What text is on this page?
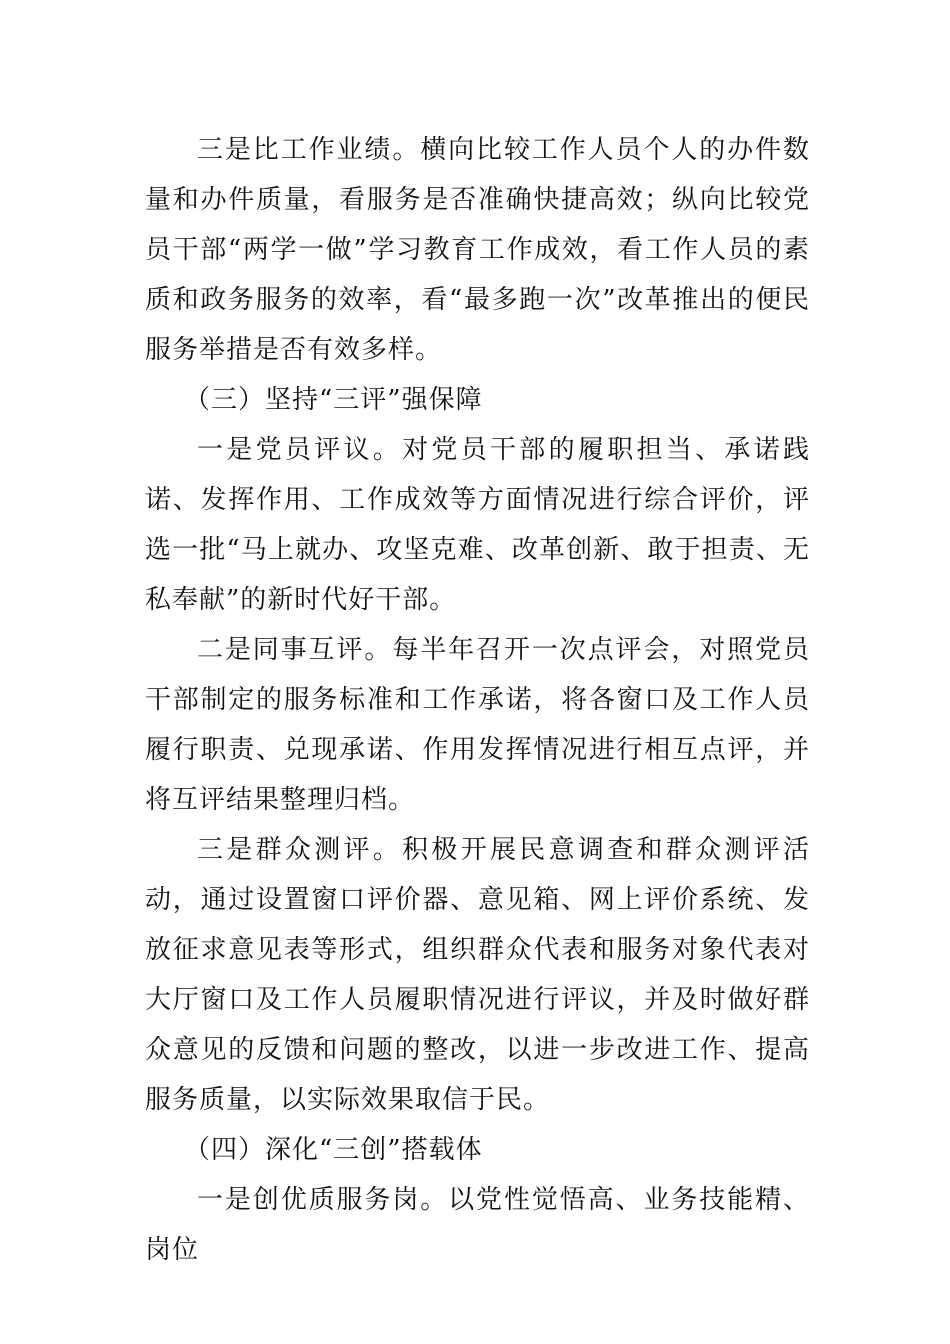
三是比工作业绩。横向比较工作人员个人的办件数量和办件质量，看服务是否准确快捷高效；纵向比较党员干部“两学一做”学习教育工作成效，看工作人员的素质和政务服务的效率，看“最多跑一次”改革推出的便民服务举措是否有效多样。

（三）坚持“三评”强保障

一是党员评议。对党员干部的履职担当、承诺践诺、发挥作用、工作成效等方面情况进行综合评价，评选一批“马上就办、攻坚克难、改革创新、敢于担责、无私奉献”的新时代好干部。

二是同事互评。每半年召开一次点评会，对照党员干部制定的服务标准和工作承诺，将各窗口及工作人员履行职责、兑现承诺、作用发挥情况进行相互点评，并将互评结果整理归档。

三是群众测评。积极开展民意调查和群众测评活动，通过设置窗口评价器、意见箱、网上评价系统、发放征求意见表等形式，组织群众代表和服务对象代表对大厅窗口及工作人员履职情况进行评议，并及时做好群众意见的反馈和问题的整改，以进一步改进工作、提高服务质量，以实际效果取信于民。

（四）深化“三创”搭载体

一是创优质服务岗。以党性觉悟高、业务技能精、岗位
